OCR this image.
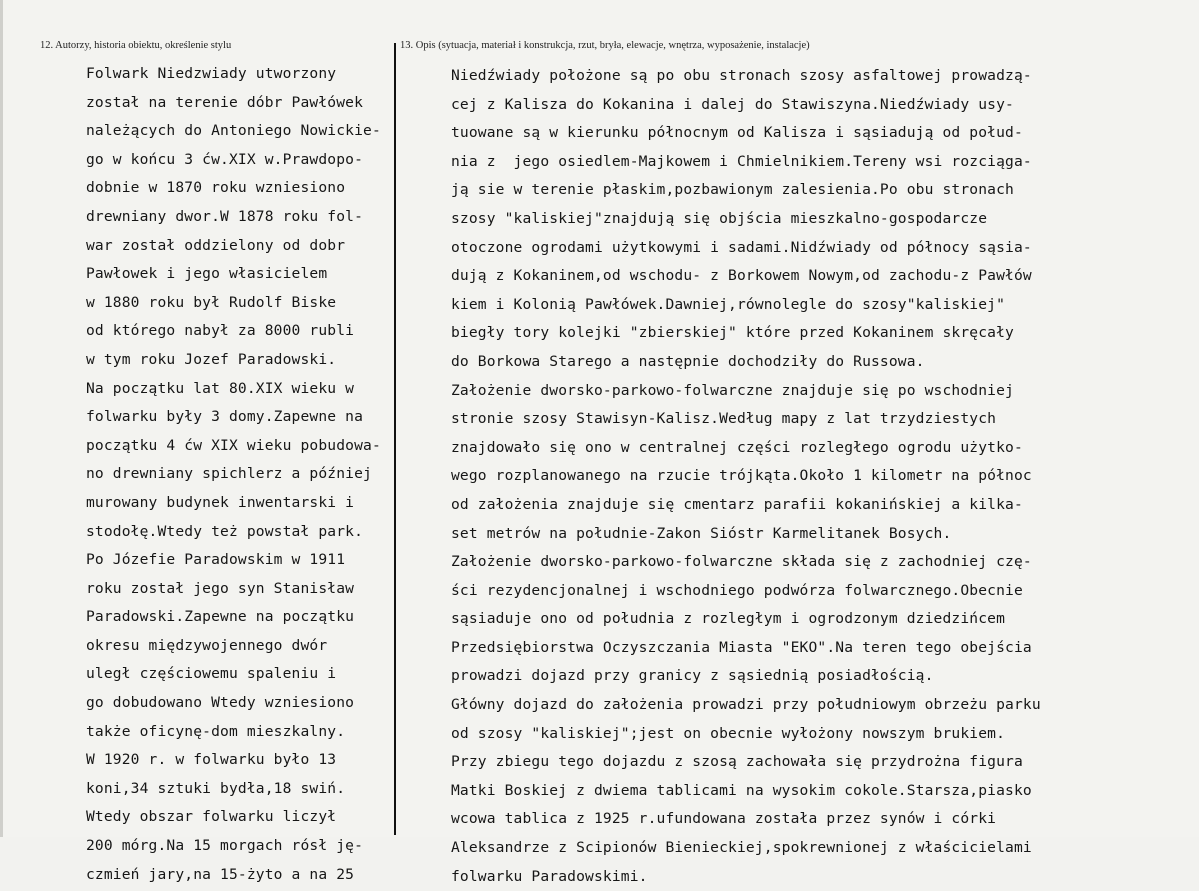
12. Autorzy, historia obiektu, określenie stylu	13. Opis (sytuacja, materiał i konstrukcja, rzut, bryła, elewacje, wnętrza, wyposażenie, instalacje)
Folwark Niedzwiady utworzony
został na terenie dóbr Pawłówek
należących do Antoniego Nowickie-
go w końcu 3 ćw.XIX w.Prawdopo-
dobnie w 1870 roku wzniesiono
drewniany dwor.W 1878 roku fol-
war został oddzielony od dobr
Pawłowek i jego własicielem
w 1880 roku był Rudolf Biske
od którego nabył za 8000 rubli
w tym roku Jozef Paradowski.
Na początku lat 80.XIX wieku w
folwarku były 3 domy.Zapewne na
początku 4 ćw XIX wieku pobudowa-
no drewniany spichlerz a później
murowany budynek inwentarski i
stodołę.Wtedy też powstał park.
Po Józefie Paradowskim w 1911
roku został jego syn Stanisław
Paradowski.Zapewne na początku
okresu międzywojennego dwór
uległ częściowemu spaleniu i
go dobudowano Wtedy wzniesiono
także oficynę-dom mieszkalny.
W 1920 r. w folwarku było 13
koni,34 sztuki bydła,18 swiń.
Wtedy obszar folwarku liczył
200 mórg.Na 15 morgach rósł ję-
czmień jary,na 15-żyto a na 25
Niedźwiady położone są po obu stronach szosy asfaltowej prowadzą-
cej z Kalisza do Kokanina i dalej do Stawiszyna.Niedźwiady usy-
tuowane są w kierunku północnym od Kalisza i sąsiadują od połud-
nia z  jego osiedlem-Majkowem i Chmielnikiem.Tereny wsi rozciąga-
ją sie w terenie płaskim,pozbawionym zalesienia.Po obu stronach
szosy "kaliskiej"znajdują się objścia mieszkalno-gospodarcze
otoczone ogrodami użytkowymi i sadami.Nidźwiady od północy sąsia-
dują z Kokaninem,od wschodu- z Borkowem Nowym,od zachodu-z Pawłów
kiem i Kolonią Pawłówek.Dawniej,równolegle do szosy"kaliskiej"
biegły tory kolejki "zbierskiej" które przed Kokaninem skręcały
do Borkowa Starego a następnie dochodziły do Russowa.
Założenie dworsko-parkowo-folwarczne znajduje się po wschodniej
stronie szosy Stawisyn-Kalisz.Według mapy z lat trzydziestych
znajdowało się ono w centralnej części rozległego ogrodu użytko-
wego rozplanowanego na rzucie trójkąta.Około 1 kilometr na północ
od założenia znajduje się cmentarz parafii kokanińskiej a kilka-
set metrów na południe-Zakon Sióstr Karmelitanek Bosych.
Założenie dworsko-parkowo-folwarczne składa się z zachodniej czę-
ści rezydencjonalnej i wschodniego podwórza folwarcznego.Obecnie
sąsiaduje ono od południa z rozległym i ogrodzonym dziedzińcem
Przedsiębiorstwa Oczyszczania Miasta "EKO".Na teren tego obejścia
prowadzi dojazd przy granicy z sąsiednią posiadłością.
Główny dojazd do założenia prowadzi przy południowym obrzeżu parku
od szosy "kaliskiej";jest on obecnie wyłożony nowszym brukiem.
Przy zbiegu tego dojazdu z szosą zachowała się przydrożna figura
Matki Boskiej z dwiema tablicami na wysokim cokole.Starsza,piasko
wcowa tablica z 1925 r.ufundowana została przez synów i córki
Aleksandrze z Scipionów Bienieckiej,spokrewnionej z właścicielami
folwarku Paradowskimi.
